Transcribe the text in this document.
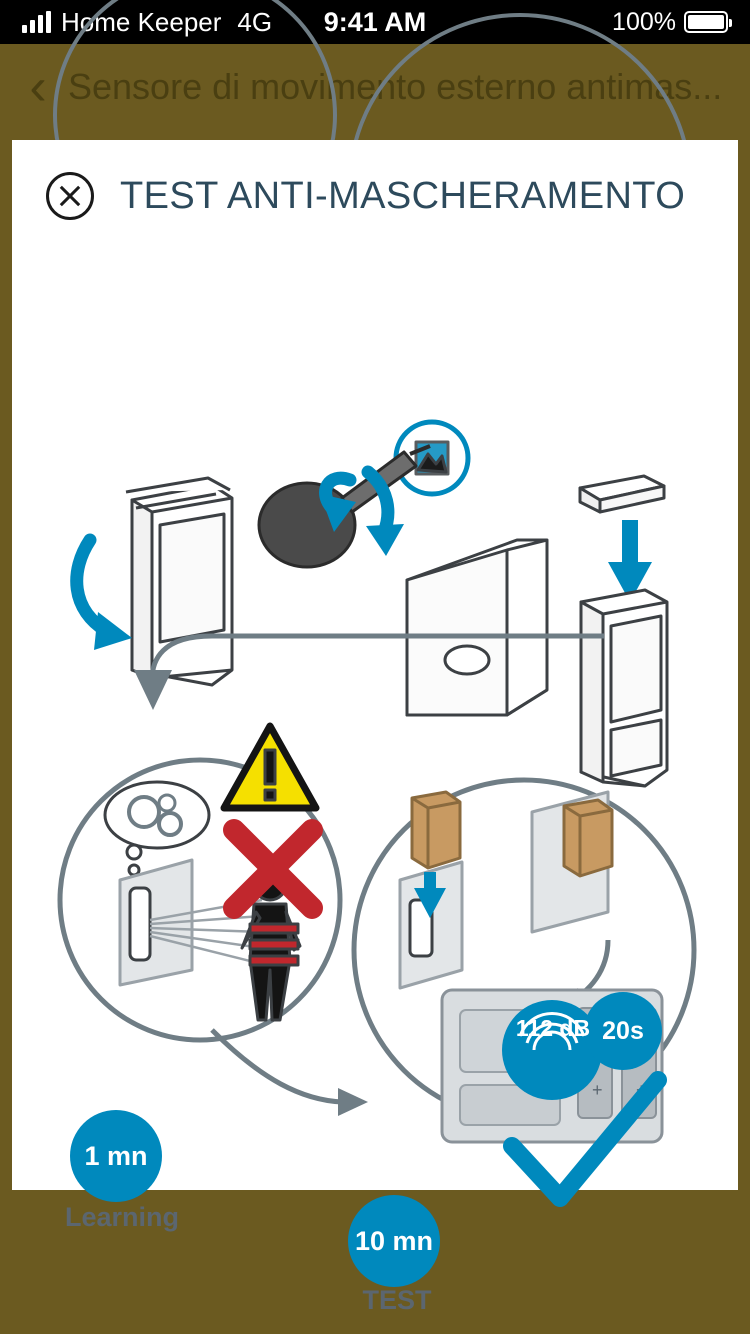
Home Keeper 4G	9:41 AM	100%
‹ Sensore di movimento esterno antimas...
TEST ANTI-MASCHERAMENTO
+ +
1 mn
10 mn
20s
112 dB
Learning
TEST
